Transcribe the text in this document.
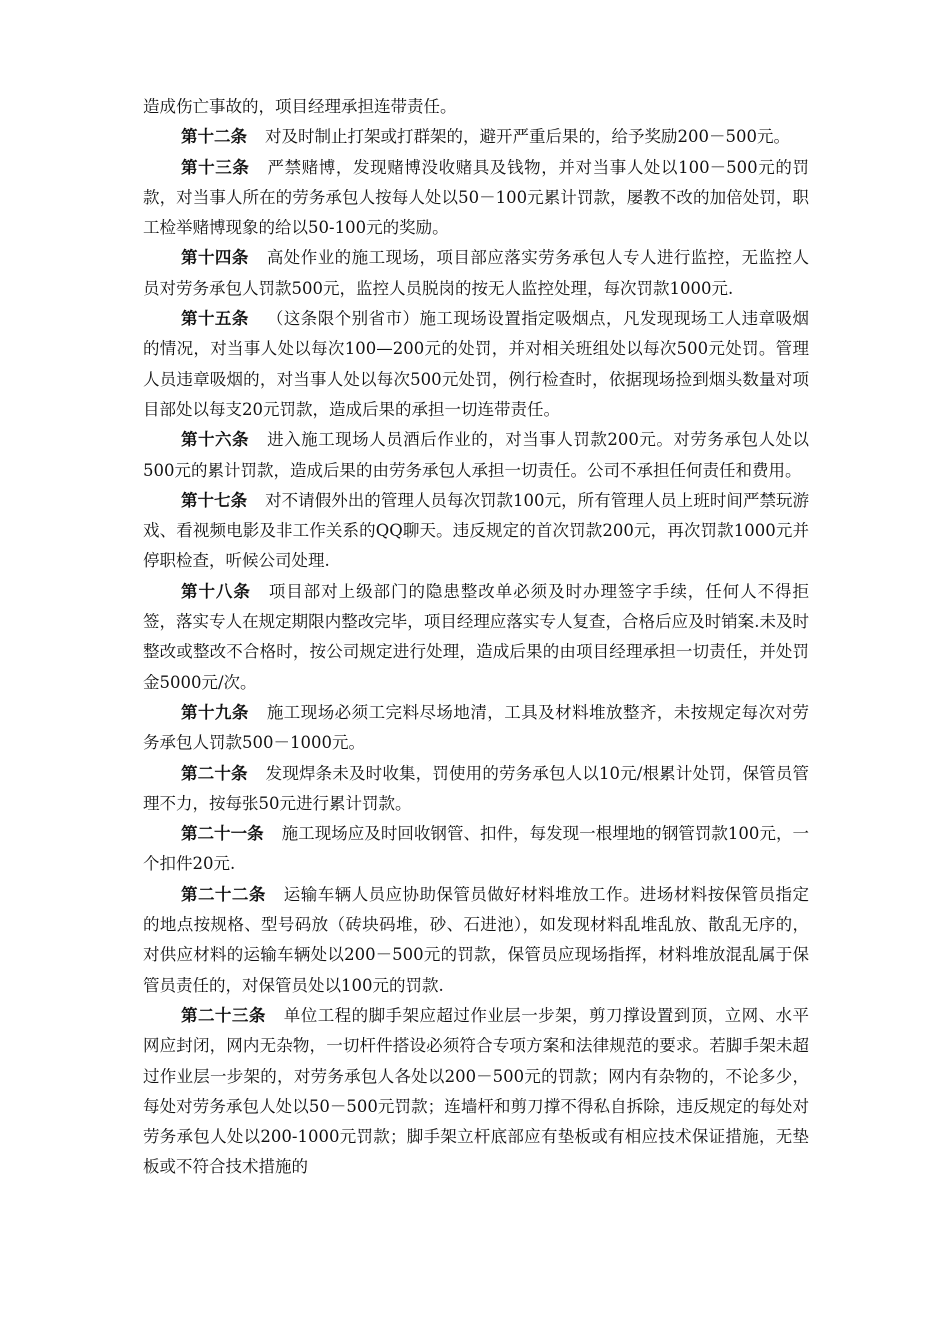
造成伤亡事故的，项目经理承担连带责任。

第十二条 对及时制止打架或打群架的，避开严重后果的，给予奖励200－500元。

第十三条 严禁赌博，发现赌博没收赌具及钱物，并对当事人处以100－500元的罚款，对当事人所在的劳务承包人按每人处以50－100元累计罚款，屡教不改的加倍处罚，职工检举赌博现象的给以50-100元的奖励。

第十四条 高处作业的施工现场，项目部应落实劳务承包人专人进行监控，无监控人员对劳务承包人罚款500元，监控人员脱岗的按无人监控处理，每次罚款1000元.

第十五条 （这条限个别省市）施工现场设置指定吸烟点，凡发现现场工人违章吸烟的情况，对当事人处以每次100—200元的处罚，并对相关班组处以每次500元处罚。管理人员违章吸烟的，对当事人处以每次500元处罚，例行检查时，依据现场捡到烟头数量对项目部处以每支20元罚款，造成后果的承担一切连带责任。

第十六条 进入施工现场人员酒后作业的，对当事人罚款200元。对劳务承包人处以500元的累计罚款，造成后果的由劳务承包人承担一切责任。公司不承担任何责任和费用。

第十七条 对不请假外出的管理人员每次罚款100元，所有管理人员上班时间严禁玩游戏、看视频电影及非工作关系的QQ聊天。违反规定的首次罚款200元，再次罚款1000元并停职检查，听候公司处理.

第十八条 项目部对上级部门的隐患整改单必须及时办理签字手续，任何人不得拒签，落实专人在规定期限内整改完毕，项目经理应落实专人复查，合格后应及时销案.未及时整改或整改不合格时，按公司规定进行处理，造成后果的由项目经理承担一切责任，并处罚金5000元/次。

第十九条 施工现场必须工完料尽场地清，工具及材料堆放整齐，未按规定每次对劳务承包人罚款500－1000元。

第二十条 发现焊条未及时收集，罚使用的劳务承包人以10元/根累计处罚，保管员管理不力，按每张50元进行累计罚款。

第二十一条 施工现场应及时回收钢管、扣件，每发现一根埋地的钢管罚款100元，一个扣件20元.

第二十二条 运输车辆人员应协助保管员做好材料堆放工作。进场材料按保管员指定的地点按规格、型号码放（砖块码堆，砂、石进池），如发现材料乱堆乱放、散乱无序的，对供应材料的运输车辆处以200－500元的罚款，保管员应现场指挥，材料堆放混乱属于保管员责任的，对保管员处以100元的罚款.

第二十三条 单位工程的脚手架应超过作业层一步架，剪刀撑设置到顶，立网、水平网应封闭，网内无杂物，一切杆件搭设必须符合专项方案和法律规范的要求。若脚手架未超过作业层一步架的，对劳务承包人各处以200－500元的罚款；网内有杂物的，不论多少，每处对劳务承包人处以50－500元罚款；连墙杆和剪刀撑不得私自拆除，违反规定的每处对劳务承包人处以200-1000元罚款；脚手架立杆底部应有垫板或有相应技术保证措施，无垫板或不符合技术措施的
